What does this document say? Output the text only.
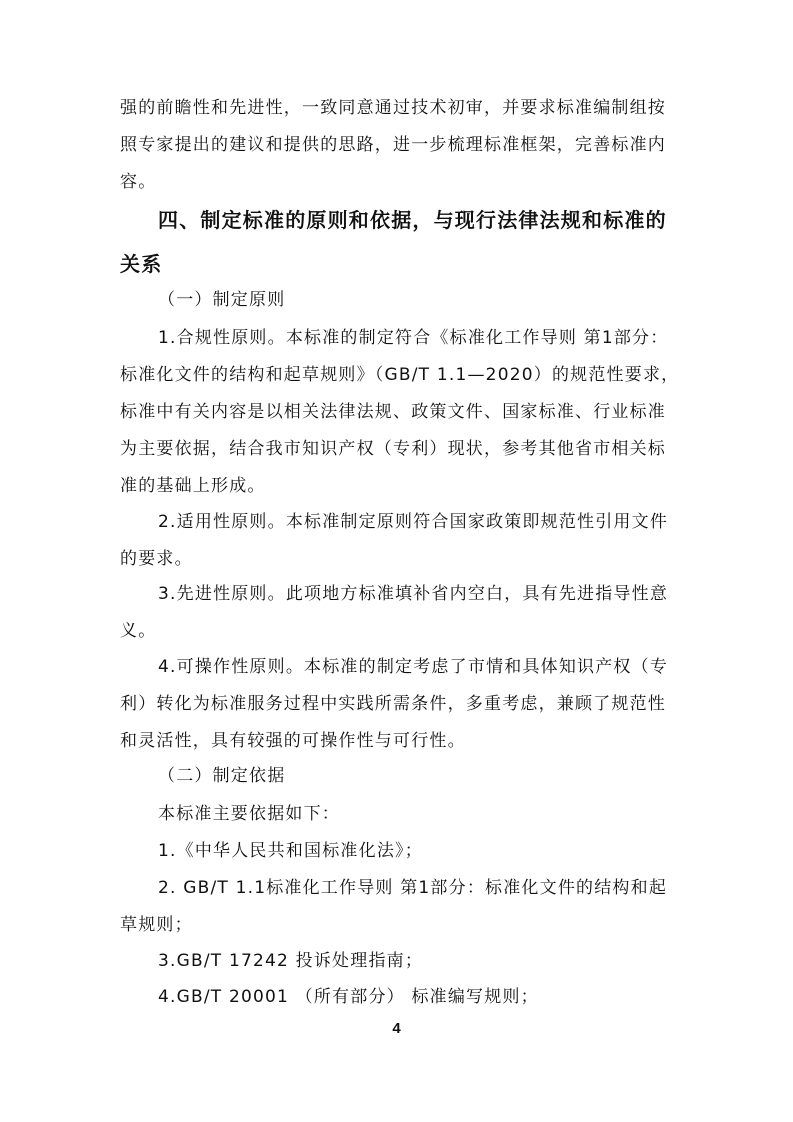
强的前瞻性和先进性，一致同意通过技术初审，并要求标准编制组按照专家提出的建议和提供的思路，进一步梳理标准框架，完善标准内容。

四、制定标准的原则和依据，与现行法律法规和标准的关系

（一）制定原则

1.合规性原则。本标准的制定符合《标准化工作导则 第1部分：标准化文件的结构和起草规则》（GB/T 1.1—2020）的规范性要求，标准中有关内容是以相关法律法规、政策文件、国家标准、行业标准为主要依据，结合我市知识产权（专利）现状，参考其他省市相关标准的基础上形成。

2.适用性原则。本标准制定原则符合国家政策即规范性引用文件的要求。

3.先进性原则。此项地方标准填补省内空白，具有先进指导性意义。

4.可操作性原则。本标准的制定考虑了市情和具体知识产权（专利）转化为标准服务过程中实践所需条件，多重考虑，兼顾了规范性和灵活性，具有较强的可操作性与可行性。

（二）制定依据

本标准主要依据如下：

1.《中华人民共和国标准化法》；

2. GB/T 1.1标准化工作导则 第1部分：标准化文件的结构和起草规则；

3.GB/T 17242 投诉处理指南；

4.GB/T 20001 （所有部分） 标准编写规则；

4
